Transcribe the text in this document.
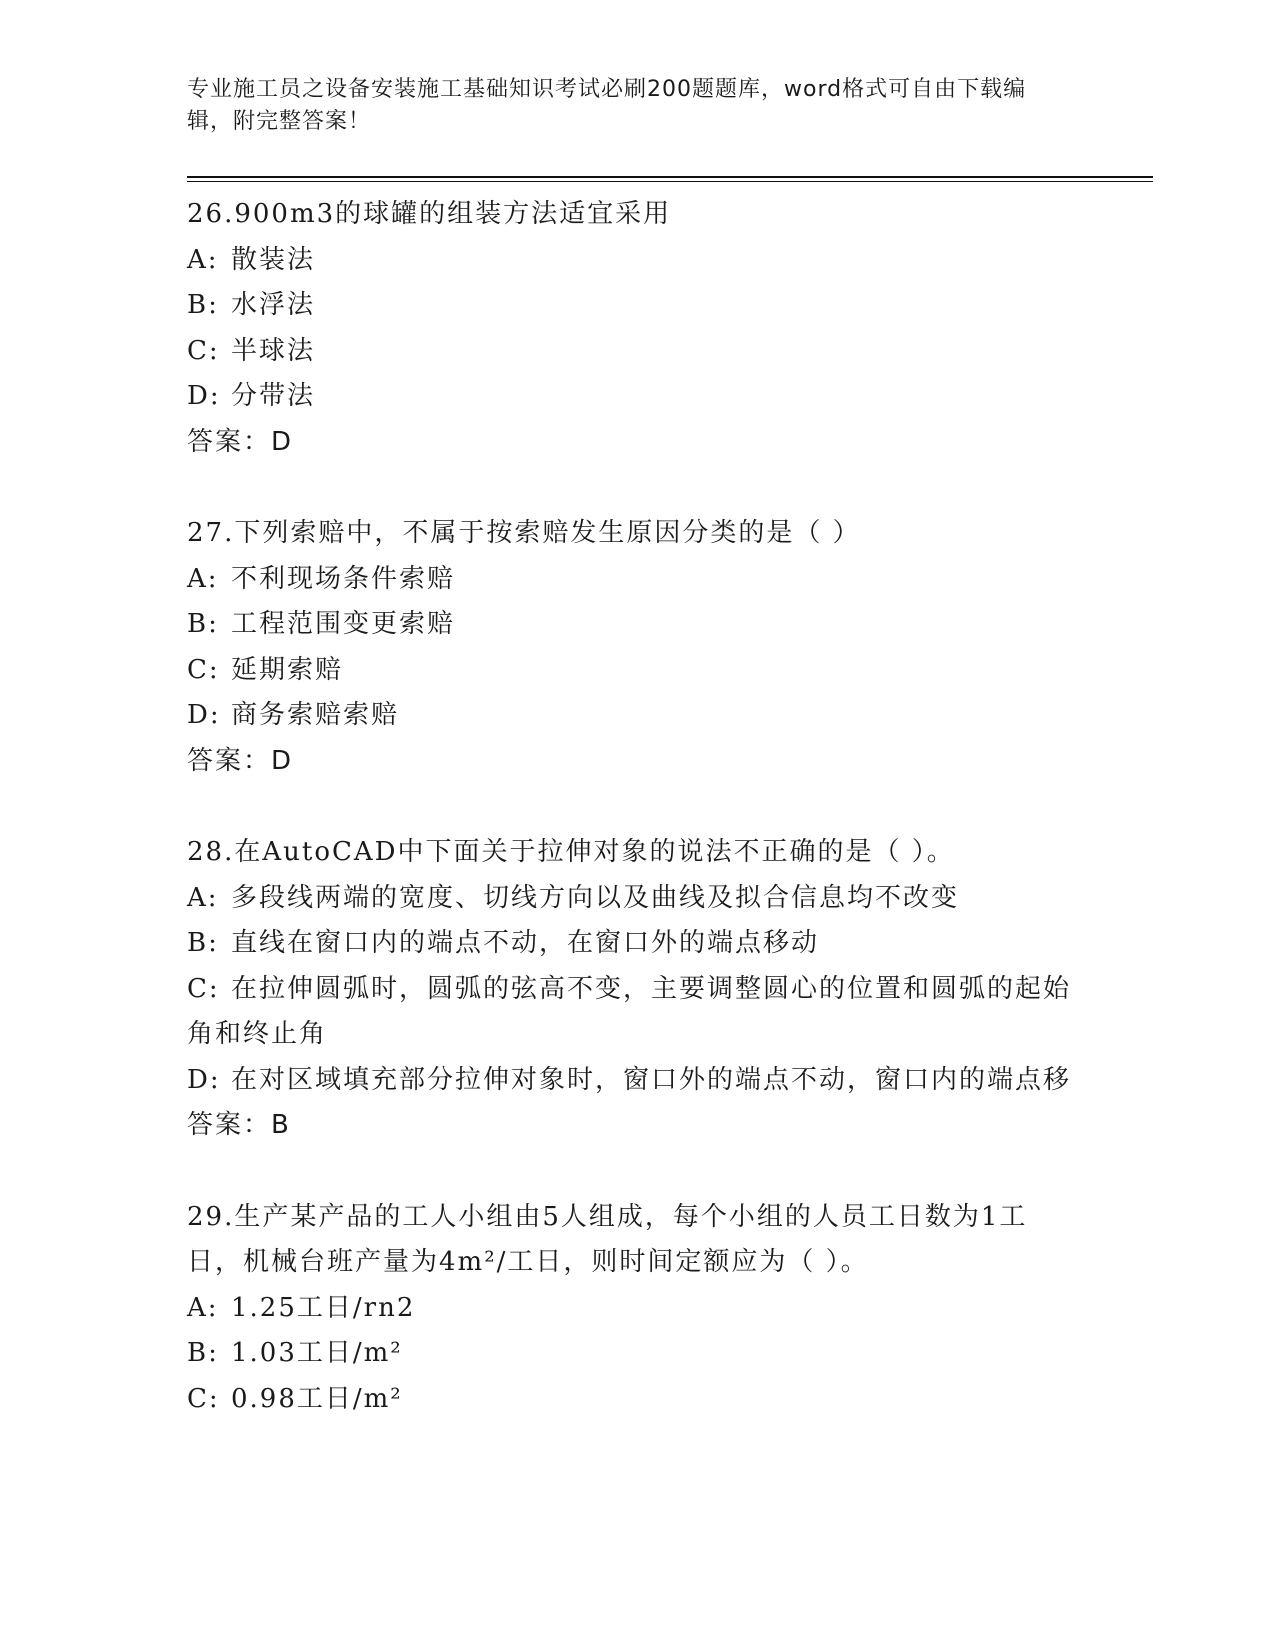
专业施工员之设备安装施工基础知识考试必刷200题题库，word格式可自由下载编辑，附完整答案！

26.900m3的球罐的组装方法适宜采用

A: 散装法

B: 水浮法

C: 半球法

D: 分带法

答案：D

27.下列索赔中，不属于按索赔发生原因分类的是（ ）

A: 不利现场条件索赔

B: 工程范围变更索赔

C: 延期索赔

D: 商务索赔索赔

答案：D

28.在AutoCAD中下面关于拉伸对象的说法不正确的是（ ）。

A: 多段线两端的宽度、切线方向以及曲线及拟合信息均不改变

B: 直线在窗口内的端点不动，在窗口外的端点移动

C: 在拉伸圆弧时，圆弧的弦高不变，主要调整圆心的位置和圆弧的起始角和终止角

D: 在对区域填充部分拉伸对象时，窗口外的端点不动，窗口内的端点移

答案：B

29.生产某产品的工人小组由5人组成，每个小组的人员工日数为1工日，机械台班产量为4m²/工日，则时间定额应为（ ）。

A: 1.25工日/rn2

B: 1.03工日/m²

C: 0.98工日/m²
